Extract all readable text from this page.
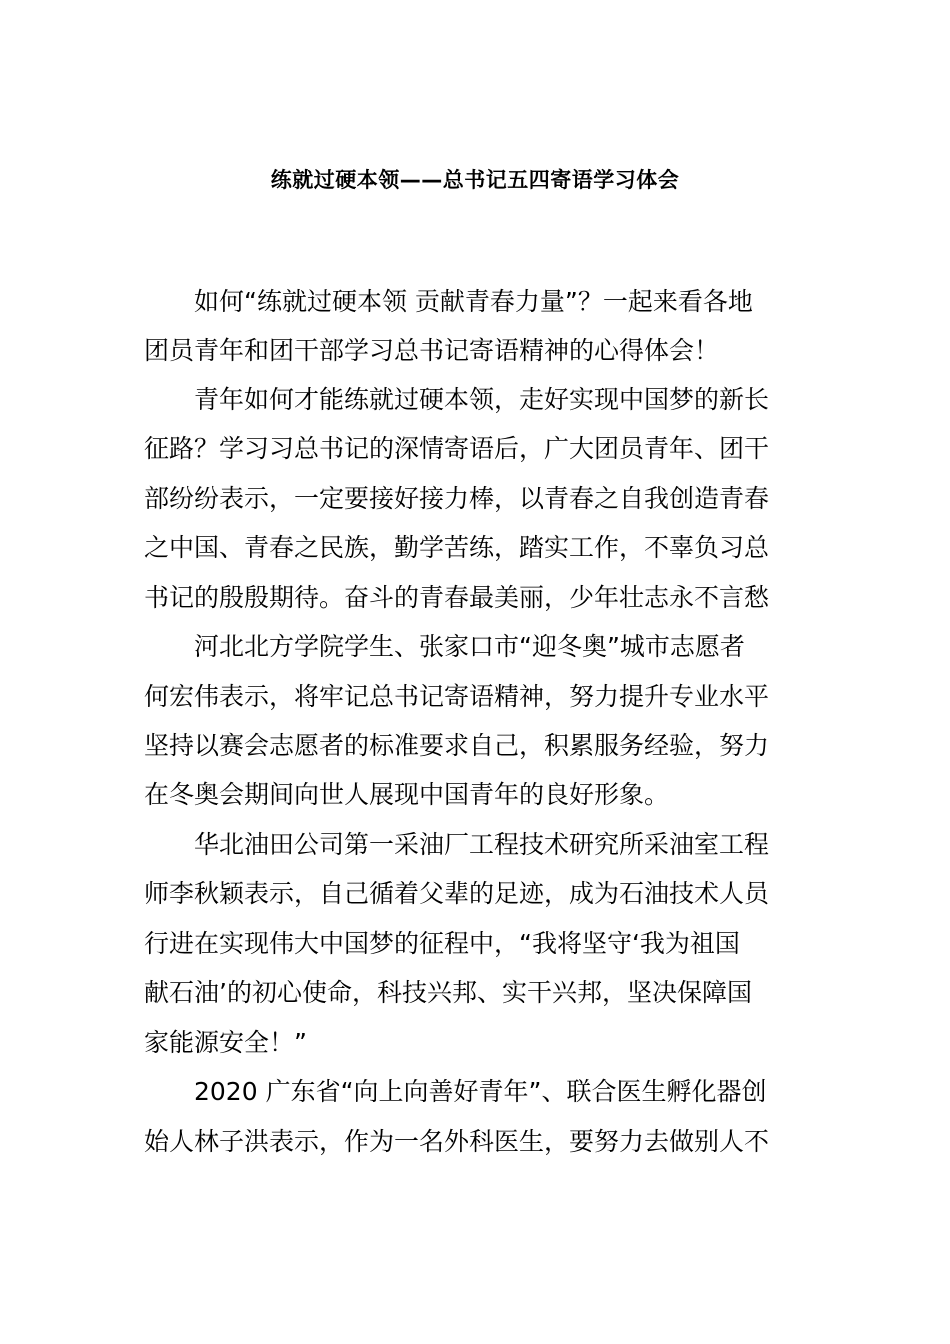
练就过硬本领——总书记五四寄语学习体会
如何“练就过硬本领 贡献青春力量”？一起来看各地
团员青年和团干部学习总书记寄语精神的心得体会！
青年如何才能练就过硬本领，走好实现中国梦的新长
征路？学习习总书记的深情寄语后，广大团员青年、团干
部纷纷表示，一定要接好接力棒，以青春之自我创造青春
之中国、青春之民族，勤学苦练，踏实工作，不辜负习总
书记的殷殷期待。奋斗的青春最美丽，少年壮志永不言愁
河北北方学院学生、张家口市“迎冬奥”城市志愿者
何宏伟表示，将牢记总书记寄语精神，努力提升专业水平
坚持以赛会志愿者的标准要求自己，积累服务经验，努力
在冬奥会期间向世人展现中国青年的良好形象。
华北油田公司第一采油厂工程技术研究所采油室工程
师李秋颖表示，自己循着父辈的足迹，成为石油技术人员
行进在实现伟大中国梦的征程中，“我将坚守‘我为祖国
献石油’的初心使命，科技兴邦、实干兴邦，坚决保障国
家能源安全！”
2020 广东省“向上向善好青年”、联合医生孵化器创
始人林子洪表示，作为一名外科医生，要努力去做别人不
